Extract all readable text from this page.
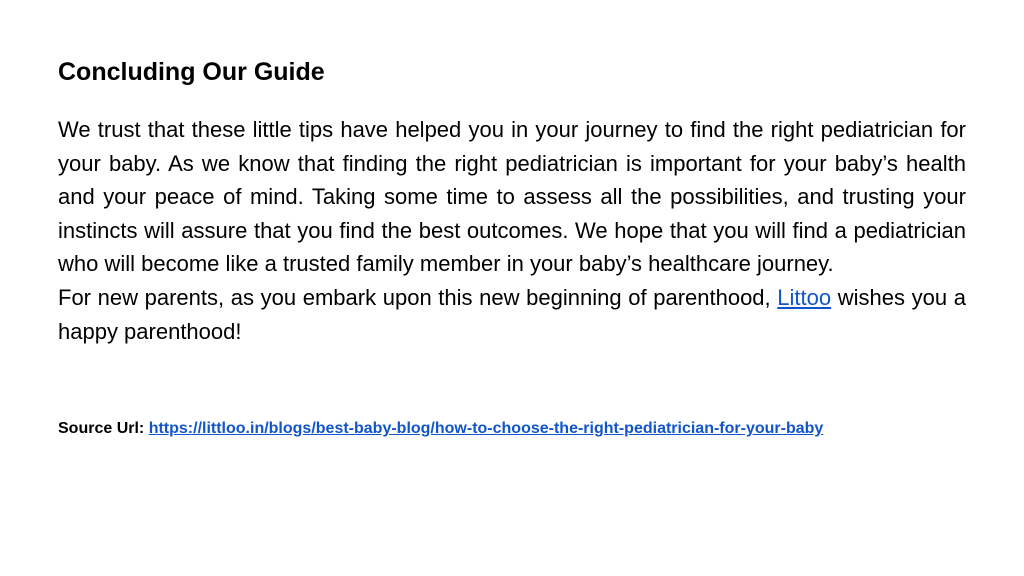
Concluding Our Guide

We trust that these little tips have helped you in your journey to find the right pediatrician for your baby. As we know that finding the right pediatrician is important for your baby’s health and your peace of mind. Taking some time to assess all the possibilities, and trusting your instincts will assure that you find the best outcomes. We hope that you will find a pediatrician who will become like a trusted family member in your baby’s healthcare journey.

For new parents, as you embark upon this new beginning of parenthood, Littoo wishes you a happy parenthood!

Source Url: https://littloo.in/blogs/best-baby-blog/how-to-choose-the-right-pediatrician-for-your-baby
